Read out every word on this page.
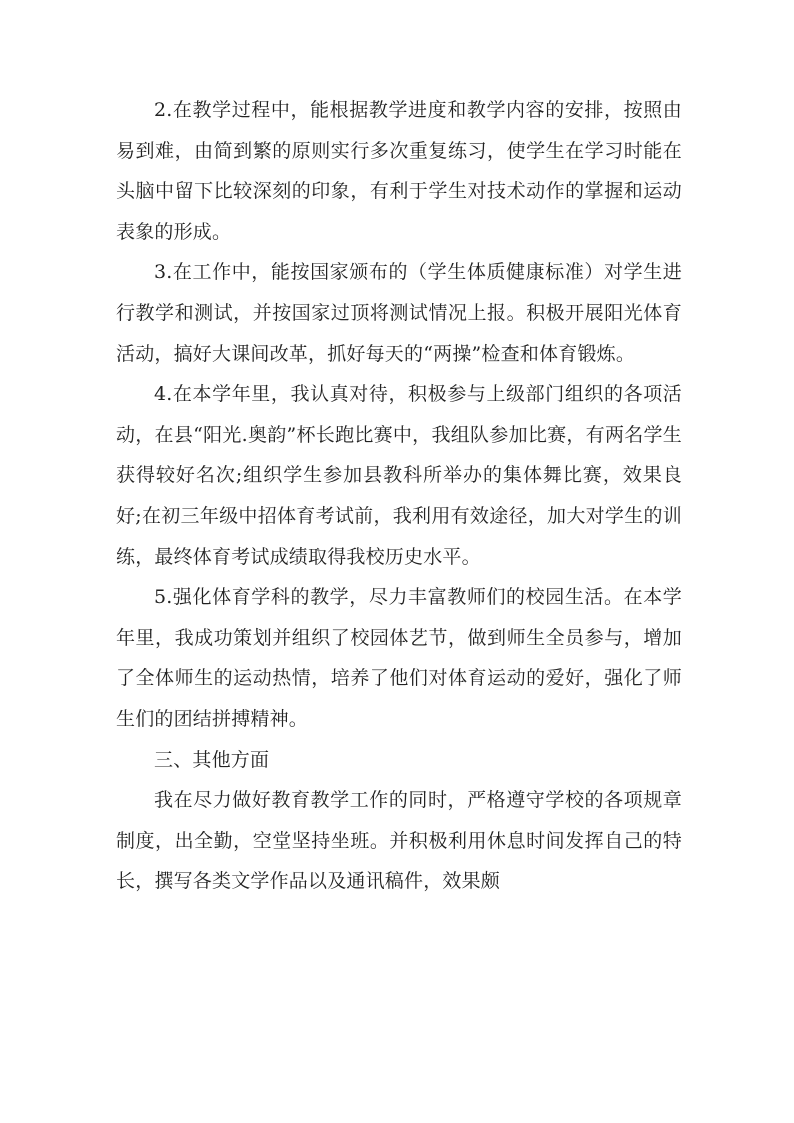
2.在教学过程中，能根据教学进度和教学内容的安排，按照由易到难，由简到繁的原则实行多次重复练习，使学生在学习时能在头脑中留下比较深刻的印象，有利于学生对技术动作的掌握和运动表象的形成。

3.在工作中，能按国家颁布的（学生体质健康标准）对学生进行教学和测试，并按国家过顶将测试情况上报。积极开展阳光体育活动，搞好大课间改革，抓好每天的“两操”检查和体育锻炼。

4.在本学年里，我认真对待，积极参与上级部门组织的各项活动，在县“阳光.奥韵”杯长跑比赛中，我组队参加比赛，有两名学生获得较好名次;组织学生参加县教科所举办的集体舞比赛，效果良好;在初三年级中招体育考试前，我利用有效途径，加大对学生的训练，最终体育考试成绩取得我校历史水平。

5.强化体育学科的教学，尽力丰富教师们的校园生活。在本学年里，我成功策划并组织了校园体艺节，做到师生全员参与，增加了全体师生的运动热情，培养了他们对体育运动的爱好，强化了师生们的团结拼搏精神。

三、其他方面

我在尽力做好教育教学工作的同时，严格遵守学校的各项规章制度，出全勤，空堂坚持坐班。并积极利用休息时间发挥自己的特长，撰写各类文学作品以及通讯稿件，效果颇
